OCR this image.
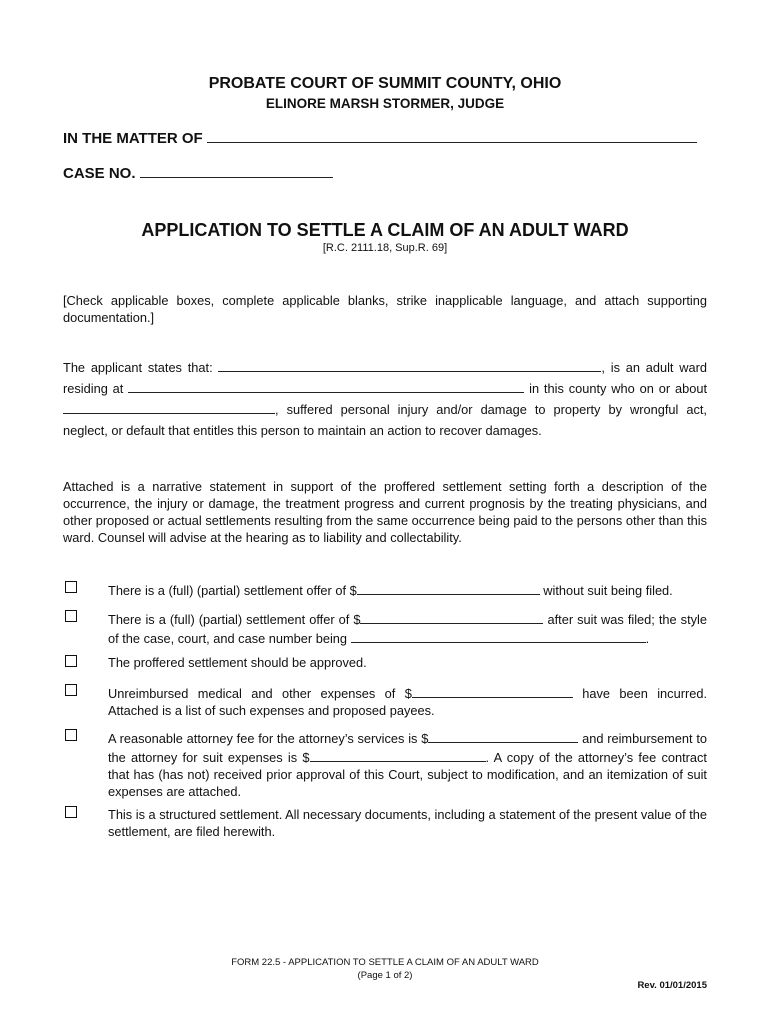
PROBATE COURT OF SUMMIT COUNTY, OHIO
ELINORE MARSH STORMER, JUDGE
IN THE MATTER OF
CASE NO.
APPLICATION TO SETTLE A CLAIM OF AN ADULT WARD
[R.C. 2111.18, Sup.R. 69]
[Check applicable boxes, complete applicable blanks, strike inapplicable language, and attach supporting documentation.]
The applicant states that:	, is an adult ward residing at	in this county who on or about , suffered personal injury and/or damage to property by wrongful act, neglect, or default that entitles this person to maintain an action to recover damages.
Attached is a narrative statement in support of the proffered settlement setting forth a description of the occurrence, the injury or damage, the treatment progress and current prognosis by the treating physicians, and other proposed or actual settlements resulting from the same occurrence being paid to the persons other than this ward. Counsel will advise at the hearing as to liability and collectability.
There is a (full) (partial) settlement offer of $	without suit being filed.
There is a (full) (partial) settlement offer of $	after suit was filed; the style of the case, court, and case number being	.
The proffered settlement should be approved.
Unreimbursed medical and other expenses of $	have been incurred. Attached is a list of such expenses and proposed payees.
A reasonable attorney fee for the attorney’s services is $	and reimbursement to the attorney for suit expenses is $	. A copy of the attorney’s fee contract that has (has not) received prior approval of this Court, subject to modification, and an itemization of suit expenses are attached.
This is a structured settlement. All necessary documents, including a statement of the present value of the settlement, are filed herewith.
FORM 22.5 - APPLICATION TO SETTLE A CLAIM OF AN ADULT WARD
(Page 1 of 2)
Rev. 01/01/2015
